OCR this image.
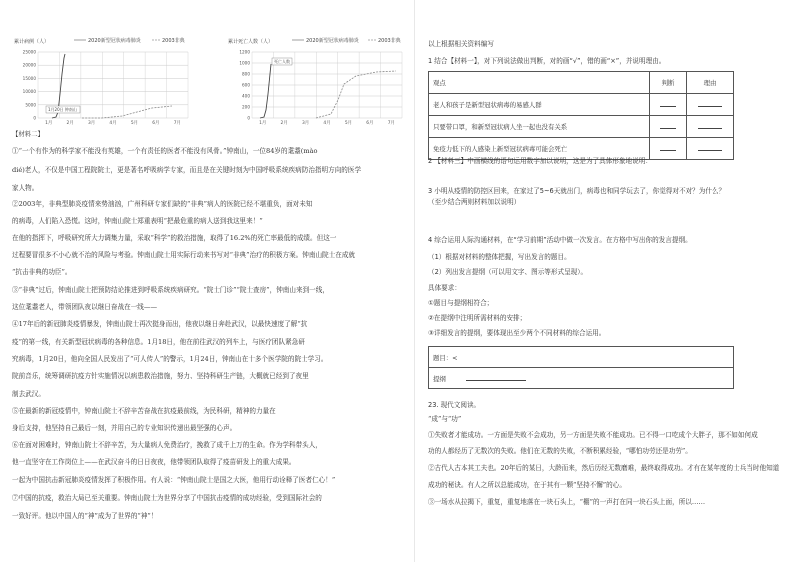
累计病例（人）	2020新型冠状病毒肺炎	2003非典
25000
20000
15000
10000
5000
0
1月	2月	3月	4月	5月	6月	7月
1月20日 钟南山
累计死亡人数（人）	2020新型冠状病毒肺炎	2003非典
1200
1000
800
600
400
200
0
1月	2月	3月	4月	5月	6月	7月
死亡人数
【材料二】
①“一个有作为的科学家不能没有英雄，一个有责任的医者不能没有风骨。”钟南山，一位84岁的耄耋(mào
dié)老人，不仅是中国工程院院士，更是著名呼吸病学专家，而且是在关键时刻为中国呼吸系统疾病防治指明方向的医学
家人物。
②2003年，非典型肺炎疫情来势汹汹，广州科研专家们缺的“非典”病人的医院已经不堪重负，面对未知
的病毒，人们陷入恐慌。这时，钟南山院士郑重表明“把最危重的病人送到我这里来！”
在他的指挥下，呼吸研究所大力调集力量，采取“科学”的救治措施，取得了16.2%的死亡率最低的成绩。但这一
过程要冒很多不小心就不治的风险与考验。钟南山院士用实际行动来书写对“非典”治疗的积极方案。钟南山院士在成就
“抗击非典的功臣”。
③“非典”过后，钟南山院士把预防结论推进到呼吸系统疾病研究。“院士门诊”“院士查房”，钟南山来到一线，
这位耄耋老人，带领团队夜以继日奋战在一线——
④17年后的新冠肺炎疫情暴发，钟南山院士再次挺身而出，他夜以继日奔赴武汉，以最快速度了解“抗
疫”的第一线，有关新型冠状病毒的各种信息。1月18日，他在前往武汉的列车上，与医疗团队紧急研
究病毒，1月20日，他向全国人民发出了“可人传人”的警示，1月24日，钟南山在十多个医学院的院士学习。
院前音乐，统筹调研抗疫方针实施情况以病患救治措施，努力、坚持科研生产链，大概就已经到了夜里
制去武汉。
⑤在最新的新冠疫情中，钟南山院士不辞辛苦奋战在抗疫最前线，为民科研，精神的力量在
身后支持，他坚持自己最后一刻，并用自己的专业知识传递出最坚强的心声。
⑥在面对困难时，钟南山院士不辞辛苦，为大量病人免费治疗，挽救了成千上万的生命。作为学科带头人，
他一直坚守在工作岗位上——在武汉奋斗的日日夜夜，他带领团队取得了疫苗研发上的重大成果。
一起为中国抗击新冠肺炎疫情发挥了积极作用。有人说：“钟南山院士是国之大医，他用行动诠释了医者仁心！”
⑦中国的抗疫，救治大局已至关重要。钟南山院士为世界分享了中国抗击疫情的成功经验，受到国际社会的
一致好评。他以中国人的“神”成为了世界的“神”！
以上根据相关资料编写
1 结合【材料一】，对下列说法做出判断，对的画“√”，错的画“×”，并说明理由。
观点	判断	理由
老人和孩子是新型冠状病毒的易感人群		
只要带口罩，和新型冠状病人坐一起也没有关系		
免疫力低下的人感染上新型冠状病毒可能会死亡		
2 【材料三】中画横线的语句运用数字加以说明，这是为了具体形象地说明：
3 小明从疫情的防控区回来，在家过了5~6天就出门，病毒也和同学玩去了，你觉得对不对？为什么？
（至少结合两则材料加以说明）
4 综合运用人际沟通材料，在“学习前期”活动中做一次发言。在方格中写出你的发言提纲。
（1）根据对材料的整体把握，写出发言的题目。
（2）列出发言提纲（可以用文字、图示等形式呈现）。
具体要求：
①题目与提纲相符合；
②在提纲中注明所需材料的安排；
③详细发言的提纲，要体现出至少两个不同材料的综合运用。
题目：<
提纲
23. 现代文阅读。
“成”与“功”
①失败者才能成功。一方面是失败不会成功，另一方面是失败不能成功。已不得一口吃成个大胖子，那不如如何成
功的人都经历了无数次的失败。他们在无数的失败，不断积累经验，“哪怕功劳还是功劳”。
②古代人古本其工夫也。20年后的某日，大龄而来，然后历经无数磨难，最终取得成功。才有在某年度的士兵当时他知道
成功的秘诀。有人之所以总能成功，在于其有一颗“坚持不懈”的心。
③一场水从拉揭下，重复，重复地落在一块石头上，“棚”的一声打在同一块石头上面，所以……
